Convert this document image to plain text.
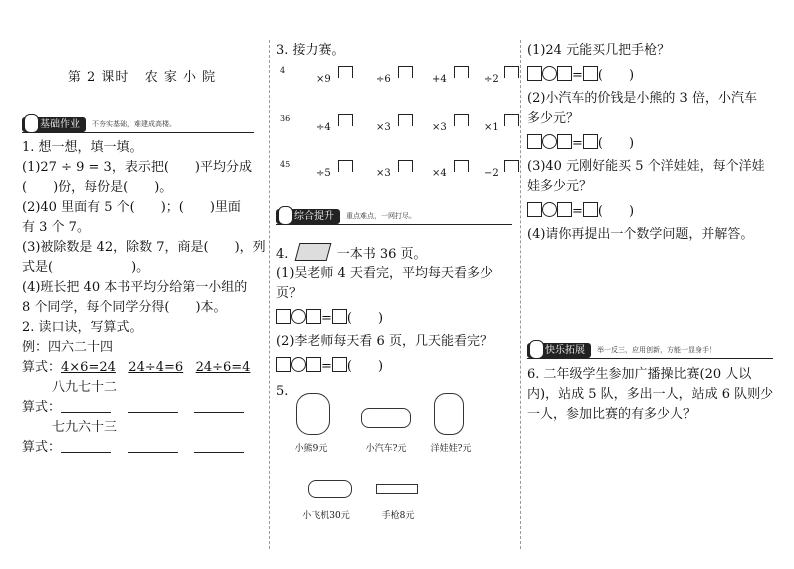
第 2 课时 农 家 小 院
基础作业	不夯实基础，难建成高楼。
1. 想一想，填一填。
(1)27 ÷ 9 = 3，表示把(　　)平均分成
(　　)份，每份是(　　)。
(2)40 里面有 5 个(　　)；(　　)里面
有 3 个 7。
(3)被除数是 42，除数 7，商是(　　)，列
式是(　　　　　　)。
(4)班长把 40 本书平均分给第一小组的
8 个同学，每个同学分得(　　)本。
2. 读口诀，写算式。
例：四六二十四
算式：4×6=24 24÷4=6 24÷6=4
八九七十二
算式：
七九六十三
算式：
3. 接力赛。
4
×9	÷6	+4	÷2
36
÷4	×3	×3	×1
45
÷5	×3	×4	−2
综合提升	重点难点，一网打尽。
4.	一本书 36 页。
(1)吴老师 4 天看完，平均每天看多少
页？
= (　　)
(2)李老师每天看 6 页，几天能看完？
= (　　)
5.
小熊9元	小汽车?元	洋娃娃?元
小飞机30元	手枪8元
(1)24 元能买几把手枪？
= (　　)
(2)小汽车的价钱是小熊的 3 倍，小汽车
多少元？
= (　　)
(3)40 元刚好能买 5 个洋娃娃，每个洋娃
娃多少元？
= (　　)
(4)请你再提出一个数学问题，并解答。
快乐拓展	举一反三，应用创新，方能一显身手！
6. 二年级学生参加广播操比赛(20 人以
内)，站成 5 队，多出一人，站成 6 队则少
一人，参加比赛的有多少人？
